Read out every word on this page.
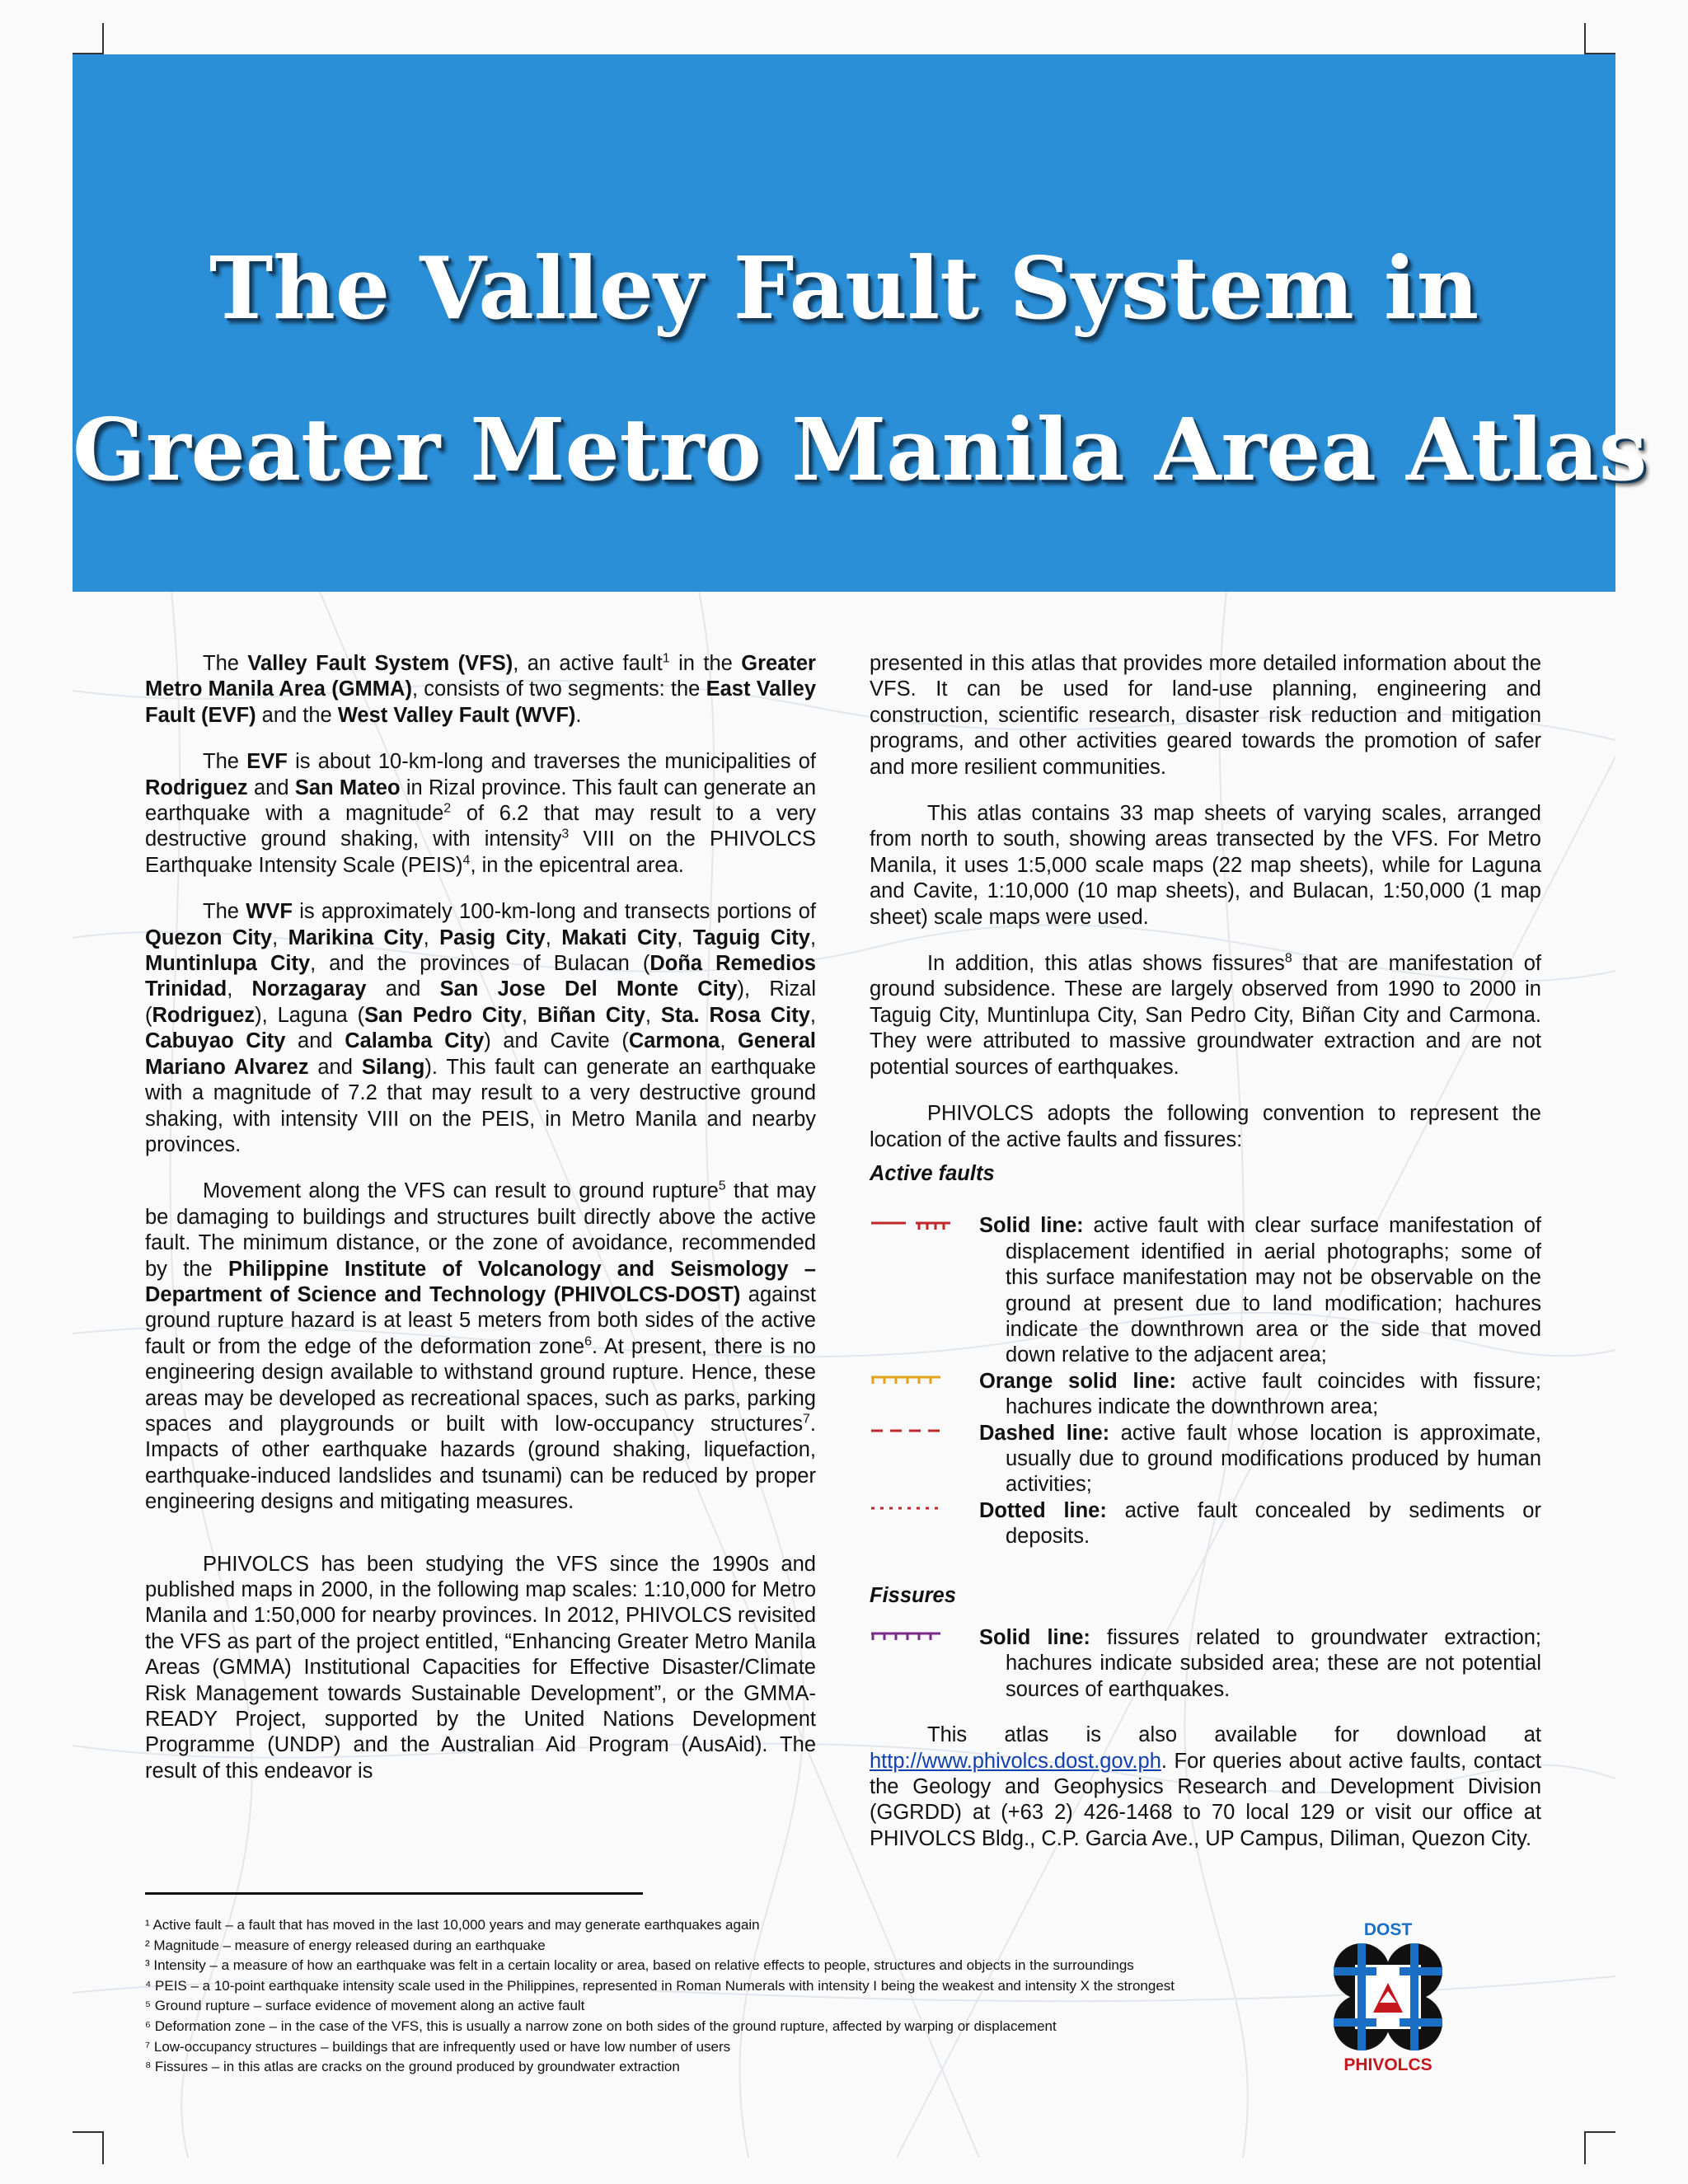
The Valley Fault System in
Greater Metro Manila Area Atlas

The Valley Fault System (VFS), an active fault$^1$ in the Greater Metro Manila Area (GMMA), consists of two segments: the East Valley Fault (EVF) and the West Valley Fault (WVF).

The EVF is about 10-km-long and traverses the municipalities of Rodriguez and San Mateo in Rizal province. This fault can generate an earthquake with a magnitude$^2$ of 6.2 that may result to a very destructive ground shaking, with intensity$^3$ VIII on the PHIVOLCS Earthquake Intensity Scale (PEIS)$^4$, in the epicentral area.

The WVF is approximately 100-km-long and transects portions of Quezon City, Marikina City, Pasig City, Makati City, Taguig City, Muntinlupa City, and the provinces of Bulacan (Doña Remedios Trinidad, Norzagaray and San Jose Del Monte City), Rizal (Rodriguez), Laguna (San Pedro City, Biñan City, Sta. Rosa City, Cabuyao City and Calamba City) and Cavite (Carmona, General Mariano Alvarez and Silang). This fault can generate an earthquake with a magnitude of 7.2 that may result to a very destructive ground shaking, with intensity VIII on the PEIS, in Metro Manila and nearby provinces.

Movement along the VFS can result to ground rupture$^5$ that may be damaging to buildings and structures built directly above the active fault. The minimum distance, or the zone of avoidance, recommended by the Philippine Institute of Volcanology and Seismology – Department of Science and Technology (PHIVOLCS-DOST) against ground rupture hazard is at least 5 meters from both sides of the active fault or from the edge of the deformation zone$^6$. At present, there is no engineering design available to withstand ground rupture. Hence, these areas may be developed as recreational spaces, such as parks, parking spaces and playgrounds or built with low-occupancy structures$^7$. Impacts of other earthquake hazards (ground shaking, liquefaction, earthquake-induced landslides and tsunami) can be reduced by proper engineering designs and mitigating measures.

PHIVOLCS has been studying the VFS since the 1990s and published maps in 2000, in the following map scales: 1:10,000 for Metro Manila and 1:50,000 for nearby provinces. In 2012, PHIVOLCS revisited the VFS as part of the project entitled, “Enhancing Greater Metro Manila Areas (GMMA) Institutional Capacities for Effective Disaster/Climate Risk Management towards Sustainable Development”, or the GMMA-READY Project, supported by the United Nations Development Programme (UNDP) and the Australian Aid Program (AusAid). The result of this endeavor is

presented in this atlas that provides more detailed information about the VFS. It can be used for land-use planning, engineering and construction, scientific research, disaster risk reduction and mitigation programs, and other activities geared towards the promotion of safer and more resilient communities.

This atlas contains 33 map sheets of varying scales, arranged from north to south, showing areas transected by the VFS. For Metro Manila, it uses 1:5,000 scale maps (22 map sheets), while for Laguna and Cavite, 1:10,000 (10 map sheets), and Bulacan, 1:50,000 (1 map sheet) scale maps were used.

In addition, this atlas shows fissures$^8$ that are manifestation of ground subsidence. These are largely observed from 1990 to 2000 in Taguig City, Muntinlupa City, San Pedro City, Biñan City and Carmona. They were attributed to massive groundwater extraction and are not potential sources of earthquakes.

PHIVOLCS adopts the following convention to represent the location of the active faults and fissures:

Active faults
Solid line: active fault with clear surface manifestation of displacement identified in aerial photographs; some of this surface manifestation may not be observable on the ground at present due to land modification; hachures indicate the downthrown area or the side that moved down relative to the adjacent area;
Orange solid line: active fault coincides with fissure; hachures indicate the downthrown area;
Dashed line: active fault whose location is approximate, usually due to ground modifications produced by human activities;
Dotted line: active fault concealed by sediments or deposits.
Fissures
Solid line: fissures related to groundwater extraction; hachures indicate subsided area; these are not potential sources of earthquakes.

This atlas is also available for download at http://www.phivolcs.dost.gov.ph. For queries about active faults, contact the Geology and Geophysics Research and Development Division (GGRDD) at (+63 2) 426-1468 to 70 local 129 or visit our office at PHIVOLCS Bldg., C.P. Garcia Ave., UP Campus, Diliman, Quezon City.

¹ Active fault – a fault that has moved in the last 10,000 years and may generate earthquakes again
² Magnitude – measure of energy released during an earthquake
³ Intensity – a measure of how an earthquake was felt in a certain locality or area, based on relative effects to people, structures and objects in the surroundings
⁴ PEIS – a 10-point earthquake intensity scale used in the Philippines, represented in Roman Numerals with intensity I being the weakest and intensity X the strongest
⁵ Ground rupture – surface evidence of movement along an active fault
⁶ Deformation zone – in the case of the VFS, this is usually a narrow zone on both sides of the ground rupture, affected by warping or displacement
⁷ Low-occupancy structures – buildings that are infrequently used or have low number of users
⁸ Fissures – in this atlas are cracks on the ground produced by groundwater extraction
DOST
PHIVOLCS
